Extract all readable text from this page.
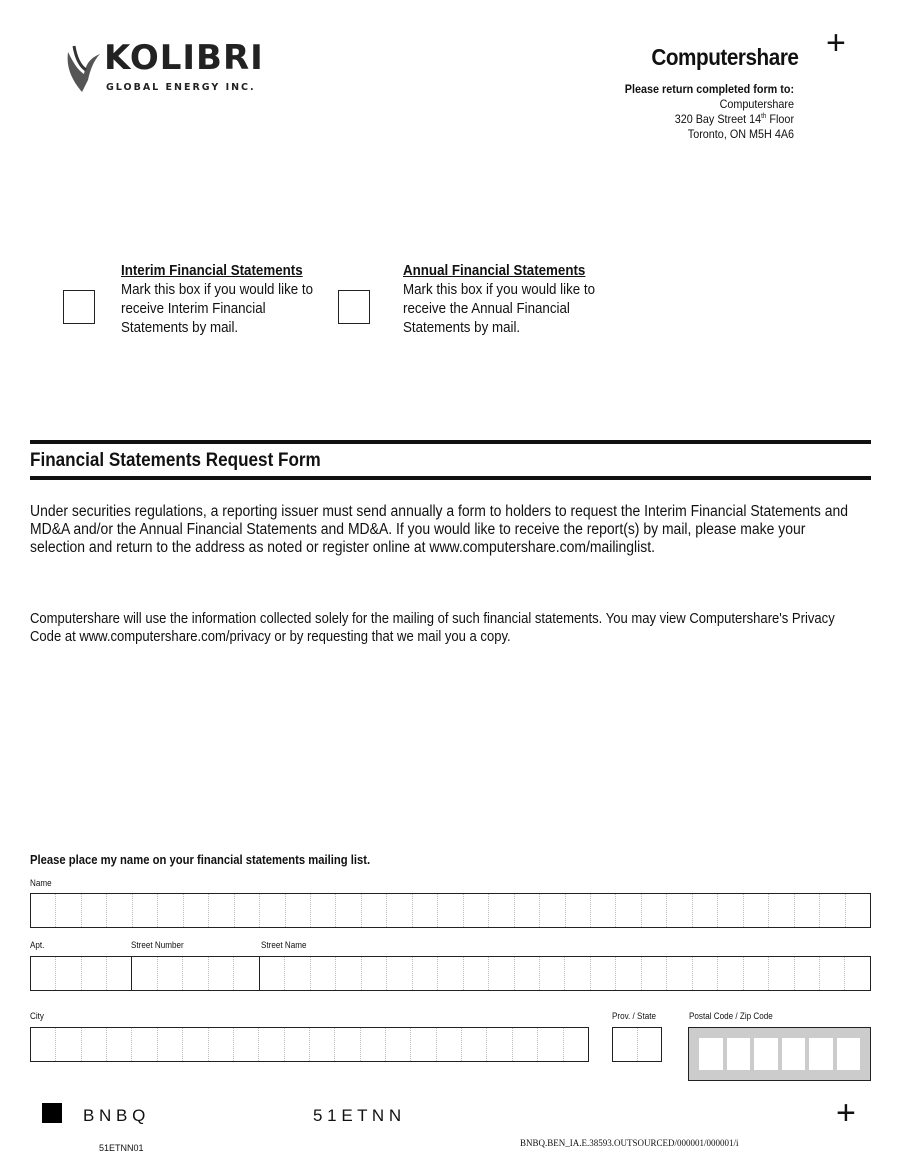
+
KOLIBRI
GLOBAL ENERGY INC.
Computershare
Please return completed form to:
Computershare
320 Bay Street 14th Floor
Toronto, ON M5H 4A6
Interim Financial Statements
Mark this box if you would like to receive Interim Financial Statements by mail.
Annual Financial Statements
Mark this box if you would like to receive the Annual Financial Statements by mail.
Financial Statements Request Form
Under securities regulations, a reporting issuer must send annually a form to holders to request the Interim Financial Statements and MD&A and/or the Annual Financial Statements and MD&A. If you would like to receive the report(s) by mail, please make your selection and return to the address as noted or register online at www.computershare.com/mailinglist.
Computershare will use the information collected solely for the mailing of such financial statements. You may view Computershare's Privacy Code at www.computershare.com/privacy or by requesting that we mail you a copy.
Please place my name on your financial statements mailing list.
Name
Apt.	Street Number	Street Name
City	Prov. / State	Postal Code / Zip Code
B N B Q	5 1 E T N N
51ETNN01	BNBQ.BEN_IA.E.38593.OUTSOURCED/000001/000001/i
+
